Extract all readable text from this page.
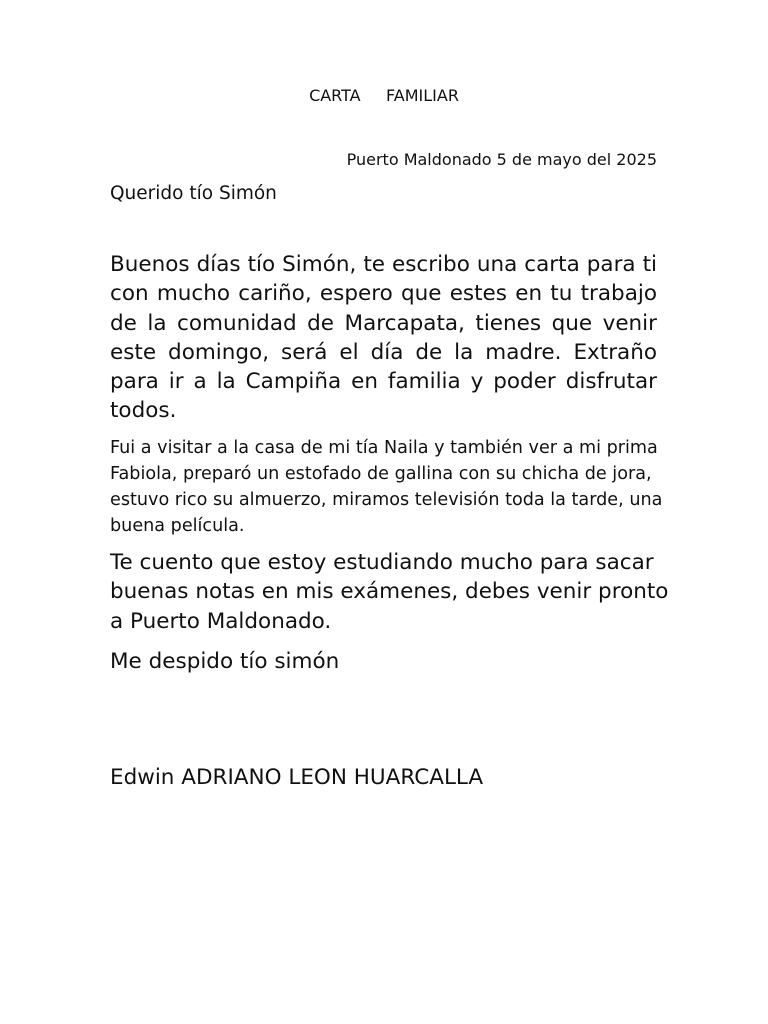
CARTA     FAMILIAR
Puerto Maldonado 5 de mayo del 2025
Querido tío Simón
Buenos días tío Simón, te escribo una carta para ti con mucho cariño, espero que estes en tu trabajo de la comunidad de Marcapata, tienes que venir este domingo, será el día de la madre. Extraño para ir a la Campiña en familia y poder disfrutar todos.
Fui a visitar a la casa de mi tía Naila y también ver a mi prima Fabiola, preparó un estofado de gallina con su chicha de jora, estuvo rico su almuerzo, miramos televisión toda la tarde, una buena película.
Te cuento que estoy estudiando mucho para sacar buenas notas en mis exámenes, debes venir pronto a Puerto Maldonado.
Me despido tío simón
Edwin ADRIANO LEON HUARCALLA
